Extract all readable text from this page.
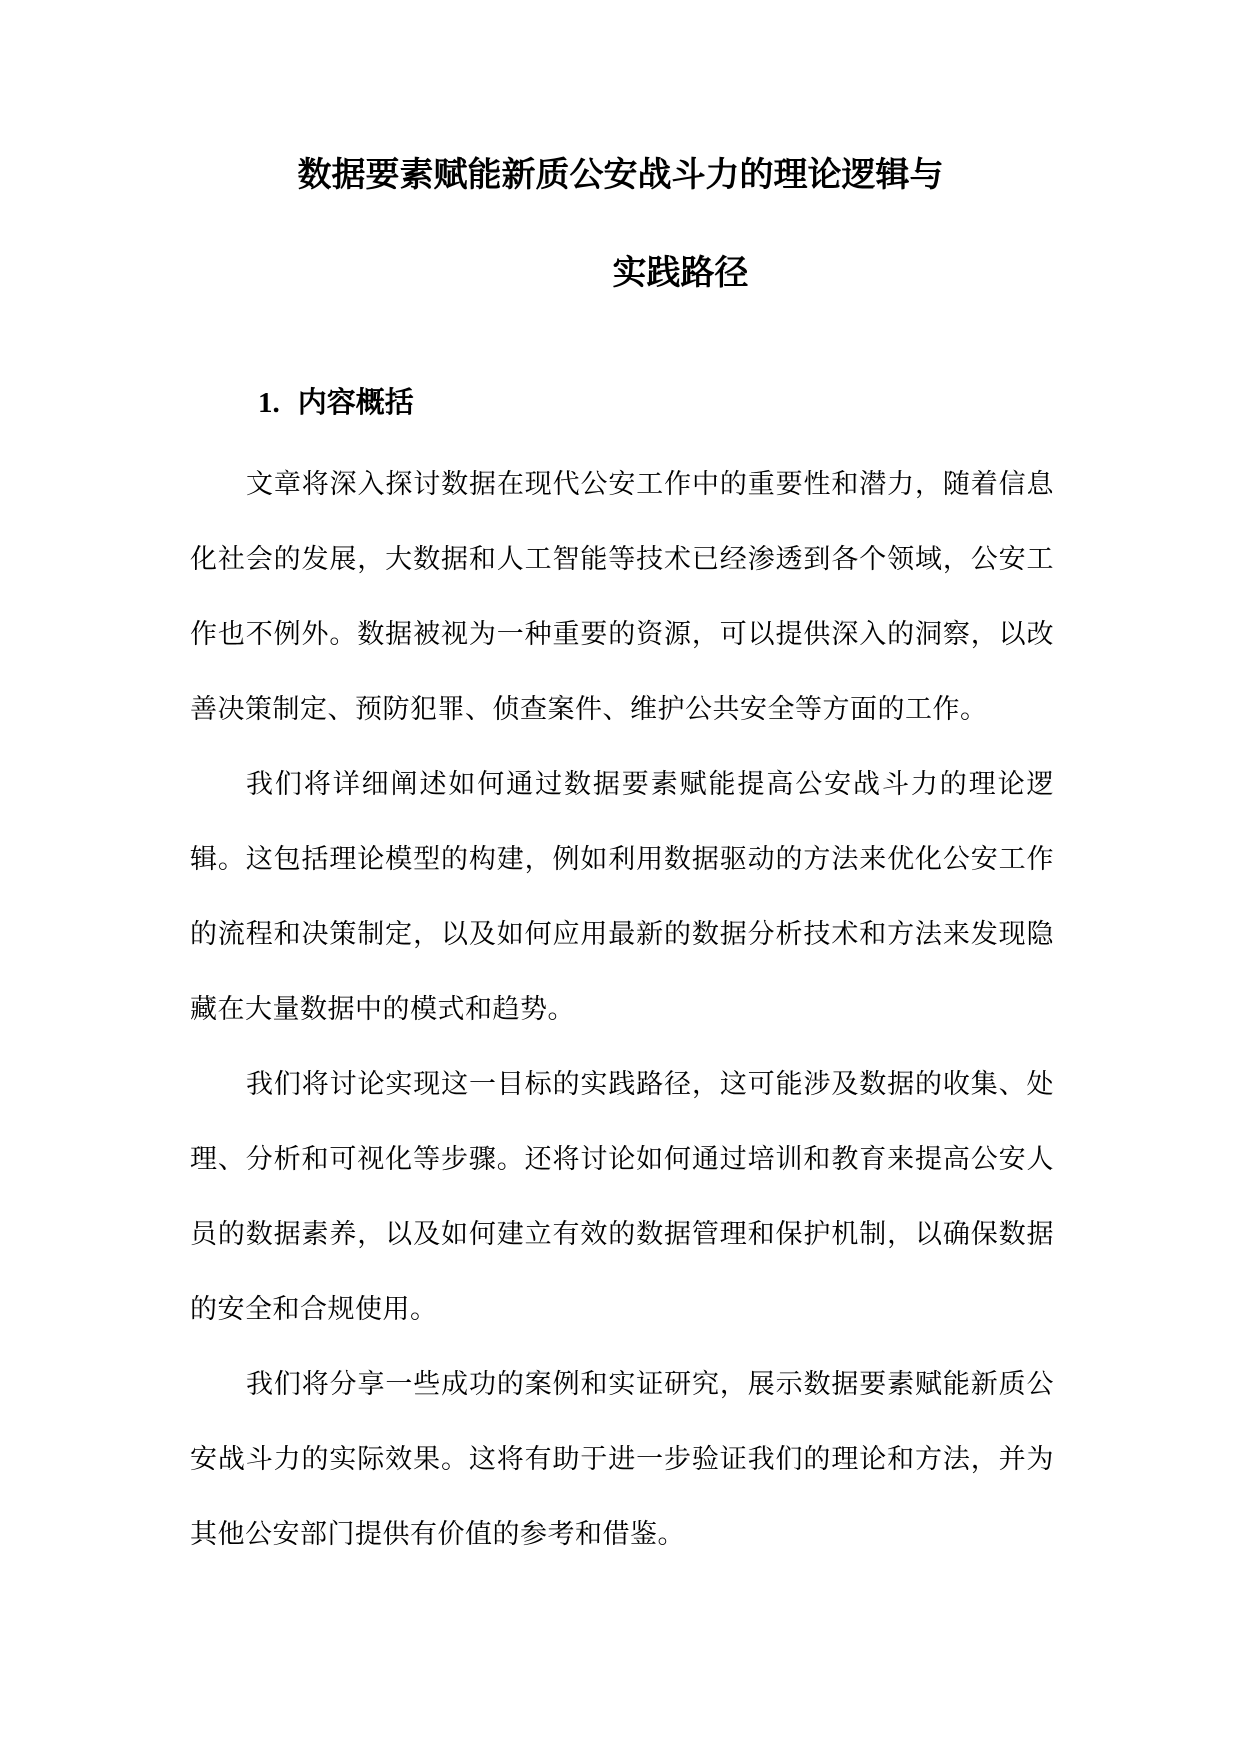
数据要素赋能新质公安战斗力的理论逻辑与
实践路径
1. 内容概括

文章将深入探讨数据在现代公安工作中的重要性和潜力，随着信息化社会的发展，大数据和人工智能等技术已经渗透到各个领域，公安工作也不例外。数据被视为一种重要的资源，可以提供深入的洞察，以改善决策制定、预防犯罪、侦查案件、维护公共安全等方面的工作。

我们将详细阐述如何通过数据要素赋能提高公安战斗力的理论逻辑。这包括理论模型的构建，例如利用数据驱动的方法来优化公安工作的流程和决策制定，以及如何应用最新的数据分析技术和方法来发现隐藏在大量数据中的模式和趋势。

我们将讨论实现这一目标的实践路径，这可能涉及数据的收集、处理、分析和可视化等步骤。还将讨论如何通过培训和教育来提高公安人员的数据素养，以及如何建立有效的数据管理和保护机制，以确保数据的安全和合规使用。

我们将分享一些成功的案例和实证研究，展示数据要素赋能新质公安战斗力的实际效果。这将有助于进一步验证我们的理论和方法，并为其他公安部门提供有价值的参考和借鉴。
